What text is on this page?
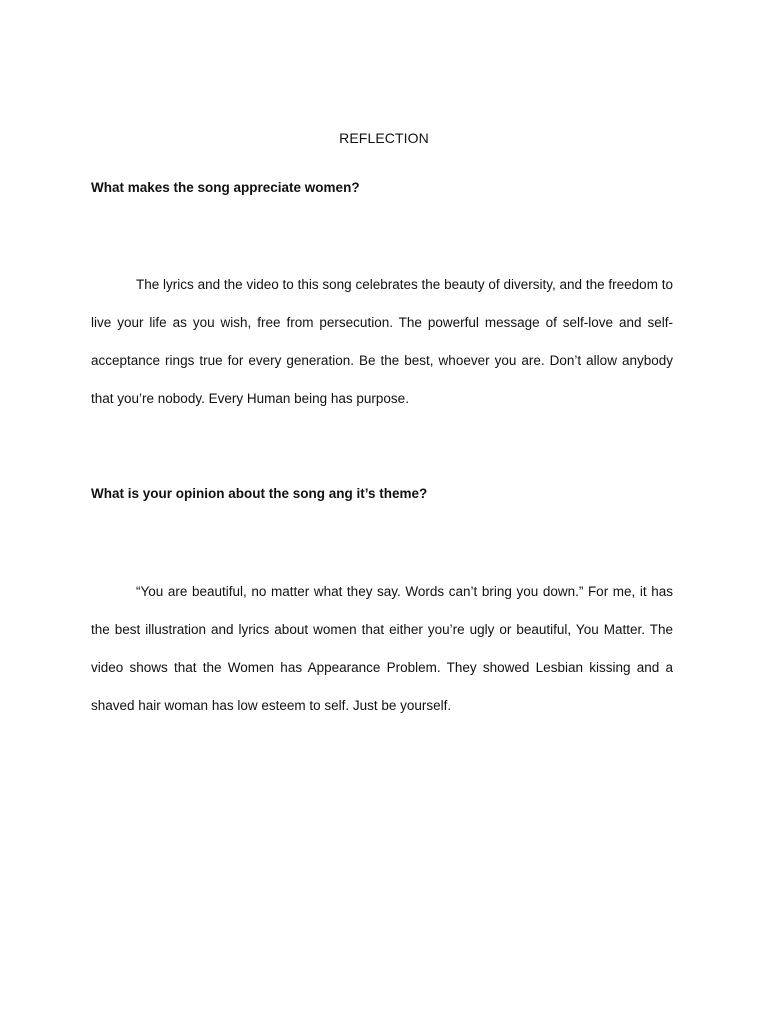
REFLECTION
What makes the song appreciate women?

The lyrics and the video to this song celebrates the beauty of diversity, and the freedom to live your life as you wish, free from persecution. The powerful message of self-love and self-acceptance rings true for every generation. Be the best, whoever you are. Don’t allow anybody that you’re nobody. Every Human being has purpose.

What is your opinion about the song ang it’s theme?

“You are beautiful, no matter what they say. Words can’t bring you down.” For me, it has the best illustration and lyrics about women that either you’re ugly or beautiful, You Matter. The video shows that the Women has Appearance Problem. They showed Lesbian kissing and a shaved hair woman has low esteem to self. Just be yourself.
